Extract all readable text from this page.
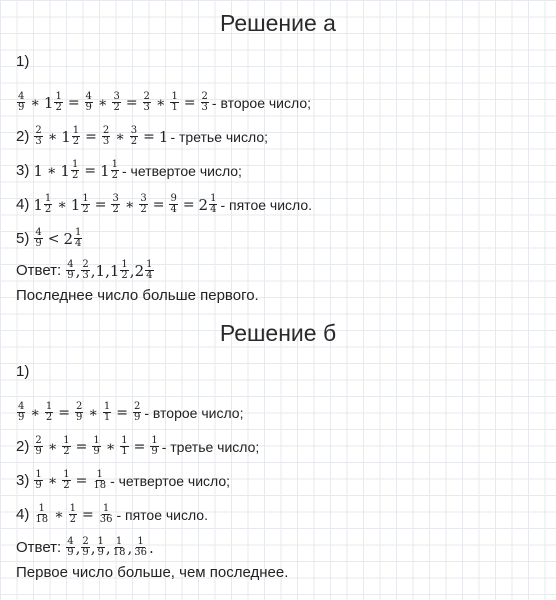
Решение а
1)
$\frac{4}{9}$ ∗ $1 \frac{1}{2} = \frac{4}{9}$ ∗ $\frac{3}{2} = \frac{2}{3}$ ∗ $\frac{1}{1} = \frac{2}{3}$ - второе число;
$2) \frac{2}{3}$ ∗ $1 \frac{1}{2} = \frac{2}{3}$ ∗ $\frac{3}{2} = 1$ - третье число;
3) 1 ∗ $1 \frac{1}{2} = 1 \frac{1}{2}$ - четвертое число;
4) $1 \frac{1}{2}$ ∗ $1 \frac{1}{2} = \frac{3}{2}$ ∗ $\frac{3}{2} = \frac{9}{4} = 2 \frac{1}{4}$ - пятое число.
$5) \frac{4}{9} < 2 \frac{1}{4}$
Ответ: $\frac{4}{9}$ , $\frac{2}{3}$ , 1 , $1 \frac{1}{2}$ , $2 \frac{1}{4}$
Последнее число больше первого.
Решение б
1)
$\frac{4}{9}$ ∗ $\frac{1}{2} = \frac{2}{9}$ ∗ $\frac{1}{1} = \frac{2}{9}$ - второе число;
$2) \frac{2}{9}$ ∗ $\frac{1}{2} = \frac{1}{9}$ ∗ $\frac{1}{1} = \frac{1}{9}$ - третье число;
$3) \frac{1}{9}$ ∗ $\frac{1}{2} = \frac{1}{18}$ - четвертое число;
$4) \frac{1}{18}$ ∗ $\frac{1}{2} = \frac{1}{36}$ - пятое число.
Ответ: $\frac{4}{9}$ , $\frac{2}{9}$ , $\frac{1}{9}$ , $\frac{1}{18}$ , $\frac{1}{36}$ .
Первое число больше, чем последнее.
